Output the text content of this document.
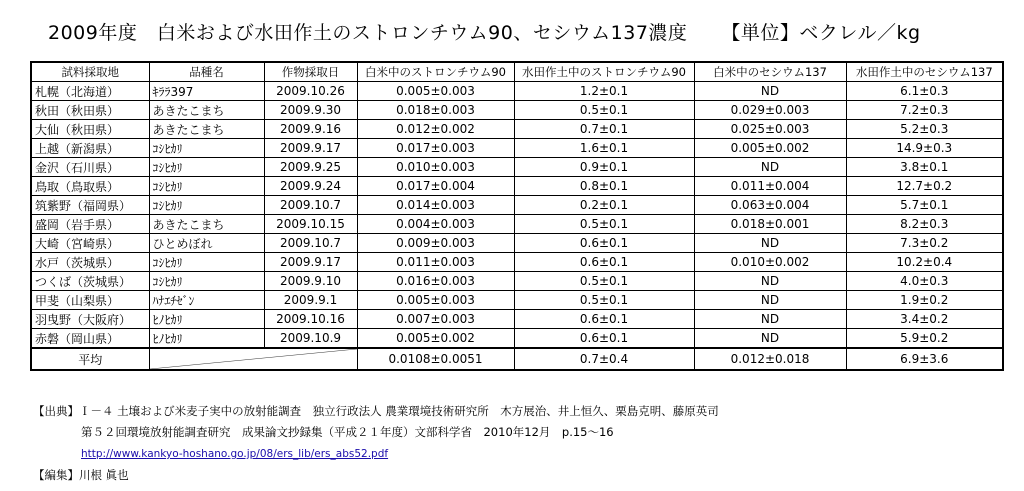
2009年度　白米および水田作土のストロンチウム90、セシウム137濃度 【単位】ベクレル／kg
試料採取地	品種名	作物採取日	白米中のストロンチウム90	水田作土中のストロンチウム90	白米中のセシウム137	水田作土中のセシウム137
札幌（北海道）	ｷﾗﾗ397	2009.10.26	0.005±0.003	1.2±0.1	ND	6.1±0.3
秋田（秋田県）	あきたこまち	2009.9.30	0.018±0.003	0.5±0.1	0.029±0.003	7.2±0.3
大仙（秋田県）	あきたこまち	2009.9.16	0.012±0.002	0.7±0.1	0.025±0.003	5.2±0.3
上越（新潟県）	ｺｼﾋｶﾘ	2009.9.17	0.017±0.003	1.6±0.1	0.005±0.002	14.9±0.3
金沢（石川県）	ｺｼﾋｶﾘ	2009.9.25	0.010±0.003	0.9±0.1	ND	3.8±0.1
鳥取（鳥取県）	ｺｼﾋｶﾘ	2009.9.24	0.017±0.004	0.8±0.1	0.011±0.004	12.7±0.2
筑紫野（福岡県）	ｺｼﾋｶﾘ	2009.10.7	0.014±0.003	0.2±0.1	0.063±0.004	5.7±0.1
盛岡（岩手県）	あきたこまち	2009.10.15	0.004±0.003	0.5±0.1	0.018±0.001	8.2±0.3
大崎（宮崎県）	ひとめぼれ	2009.10.7	0.009±0.003	0.6±0.1	ND	7.3±0.2
水戸（茨城県）	ｺｼﾋｶﾘ	2009.9.17	0.011±0.003	0.6±0.1	0.010±0.002	10.2±0.4
つくば（茨城県）	ｺｼﾋｶﾘ	2009.9.10	0.016±0.003	0.5±0.1	ND	4.0±0.3
甲斐（山梨県）	ﾊﾅｴﾁｾﾞﾝ	2009.9.1	0.005±0.003	0.5±0.1	ND	1.9±0.2
羽曳野（大阪府）	ﾋﾉﾋｶﾘ	2009.10.16	0.007±0.003	0.6±0.1	ND	3.4±0.2
赤磐（岡山県）	ﾋﾉﾋｶﾘ	2009.10.9	0.005±0.002	0.6±0.1	ND	5.9±0.2
平均			0.0108±0.0051	0.7±0.4	0.012±0.018	6.9±3.6
【出典】Ｉ－４ 土壌および米麦子実中の放射能調査　独立行政法人 農業環境技術研究所　木方展治、井上恒久、栗島克明、藤原英司
第５２回環境放射能調査研究　成果論文抄録集（平成２１年度）文部科学省　2010年12月　p.15～16
http://www.kankyo-hoshano.go.jp/08/ers_lib/ers_abs52.pdf
【編集】川根 眞也
